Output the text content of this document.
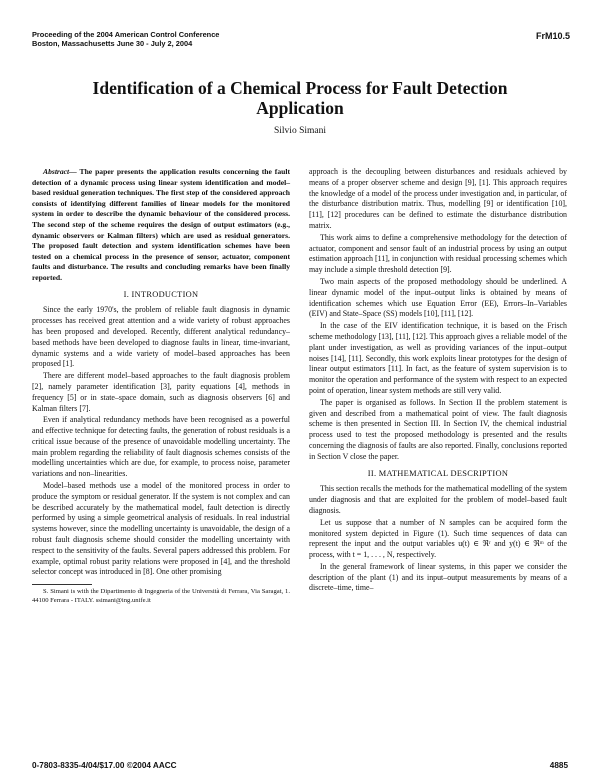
Proceeding of the 2004 American Control Conference
Boston, Massachusetts June 30 - July 2, 2004
FrM10.5
Identification of a Chemical Process for Fault Detection Application
Silvio Simani

Abstract— The paper presents the application results concerning the fault detection of a dynamic process using linear system identification and model–based residual generation techniques. The first step of the considered approach consists of identifying different families of linear models for the monitored system in order to describe the dynamic behaviour of the considered process. The second step of the scheme requires the design of output estimators (e.g., dynamic observers or Kalman filters) which are used as residual generators. The proposed fault detection and system identification schemes have been tested on a chemical process in the presence of sensor, actuator, component faults and disturbance. The results and concluding remarks have been finally reported.

I. INTRODUCTION

Since the early 1970's, the problem of reliable fault diagnosis in dynamic processes has received great attention and a wide variety of robust approaches has been proposed and developed. Recently, different analytical redundancy–based methods have been developed to diagnose faults in linear, time-invariant, dynamic systems and a wide variety of model–based approaches has been proposed [1].

There are different model–based approaches to the fault diagnosis problem [2], namely parameter identification [3], parity equations [4], methods in frequency [5] or in state–space domain, such as diagnosis observers [6] and Kalman filters [7].

Even if analytical redundancy methods have been recognised as a powerful and effective technique for detecting faults, the generation of robust residuals is a critical issue because of the presence of unavoidable modelling uncertainty. The main problem regarding the reliability of fault diagnosis schemes consists of the modelling uncertainties which are due, for example, to process noise, parameter variations and non–linearities.

Model–based methods use a model of the monitored process in order to produce the symptom or residual generator. If the system is not complex and can be described accurately by the mathematical model, fault detection is directly performed by using a simple geometrical analysis of residuals. In real industrial systems however, since the modelling uncertainty is unavoidable, the design of a robust fault diagnosis scheme should consider the modelling uncertainty with respect to the sensitivity of the faults. Several papers addressed this problem. For example, optimal robust parity relations were proposed in [4], and the threshold selector concept was introduced in [8]. One other promising

S. Simani is with the Dipartimento di Ingegneria of the Università di Ferrara, Via Saragat, 1. 44100 Ferrara - ITALY. ssimani@ing.unife.it

approach is the decoupling between disturbances and residuals achieved by means of a proper observer scheme and design [9], [1]. This approach requires the knowledge of a model of the process under investigation and, in particular, of the disturbance distribution matrix. Thus, modelling [9] or identification [10], [11], [12] procedures can be defined to estimate the disturbance distribution matrix.

This work aims to define a comprehensive methodology for the detection of actuator, component and sensor fault of an industrial process by using an output estimation approach [11], in conjunction with residual processing schemes which may include a simple threshold detection [9].

Two main aspects of the proposed methodology should be underlined. A linear dynamic model of the input–output links is obtained by means of identification schemes which use Equation Error (EE), Errors–In–Variables (EIV) and State–Space (SS) models [10], [11], [12].

In the case of the EIV identification technique, it is based on the Frisch scheme methodology [13], [11], [12]. This approach gives a reliable model of the plant under investigation, as well as providing variances of the input–output noises [14], [11]. Secondly, this work exploits linear prototypes for the design of linear output estimators [11]. In fact, as the feature of system supervision is to monitor the operation and performance of the system with respect to an expected point of operation, linear system methods are still very valid.

The paper is organised as follows. In Section II the problem statement is given and described from a mathematical point of view. The fault diagnosis scheme is then presented in Section III. In Section IV, the chemical industrial process used to test the proposed methodology is presented and the results concerning the diagnosis of faults are also reported. Finally, conclusions reported in Section V close the paper.

II. MATHEMATICAL DESCRIPTION

This section recalls the methods for the mathematical modelling of the system under diagnosis and that are exploited for the problem of model–based fault diagnosis.

Let us suppose that a number of N samples can be acquired form the monitored system depicted in Figure (1). Such time sequences of data can represent the input and the output variables u(t) ∈ ℜʳ and y(t) ∈ ℜᵐ of the process, with t = 1, . . . , N, respectively.

In the general framework of linear systems, in this paper we consider the description of the plant (1) and its input–output measurements by means of a discrete–time, time–

0-7803-8335-4/04/$17.00 ©2004 AACC	4885
